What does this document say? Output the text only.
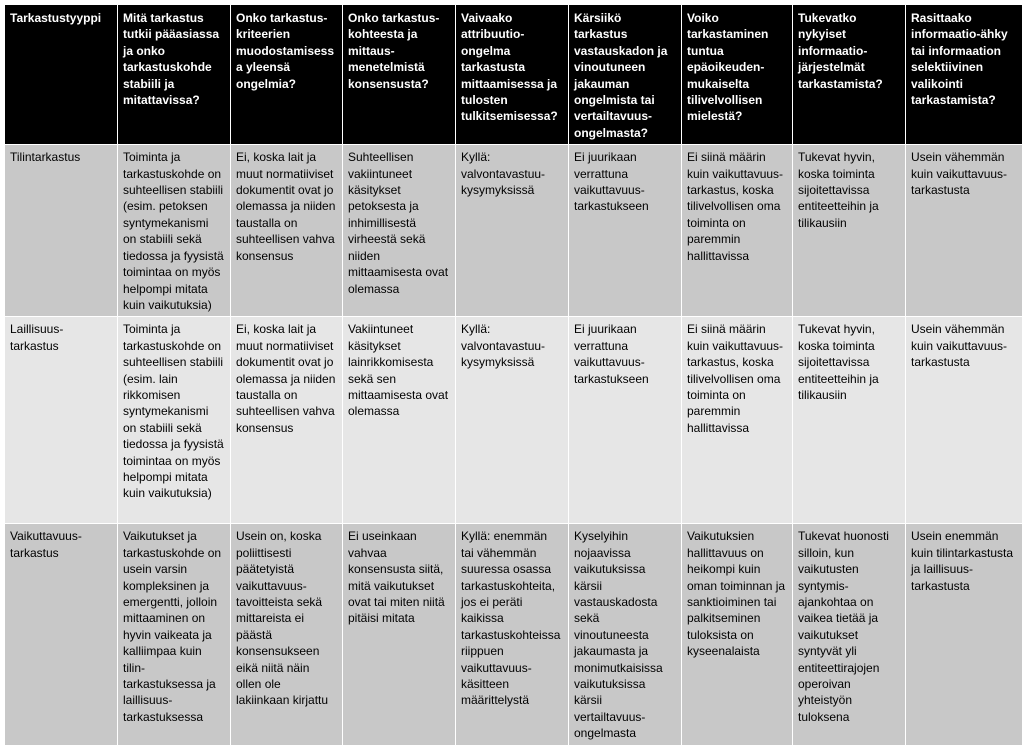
Tarkastustyyppi	Mitä tarkastus tutkii pääasiassa ja onko tarkastuskohde stabiili ja mitattavissa?	Onko tarkastus-kriteerien muodostamisessa yleensä ongelmia?	Onko tarkastus-kohteesta ja mittaus-menetelmistä konsensusta?	Vaivaako attribuutio-ongelma tarkastusta mittaamisessa ja tulosten tulkitsemisessa?	Kärsiikö tarkastus vastauskadon ja vinoutuneen jakauman ongelmista tai vertailtavuus-ongelmasta?	Voiko tarkastaminen tuntua epäoikeuden-mukaiselta tilivelvollisen mielestä?	Tukevatko nykyiset informaatio-järjestelmät tarkastamista?	Rasittaako informaatio-ähky tai informaation selektiivinen valikointi tarkastamista?
Tilintarkastus	Toiminta ja tarkastuskohde on suhteellisen stabiili (esim. petoksen syntymekanismi on stabiili sekä tiedossa ja fyysistä toimintaa on myös helpompi mitata kuin vaikutuksia)	Ei, koska lait ja muut normatiiviset dokumentit ovat jo olemassa ja niiden taustalla on suhteellisen vahva konsensus	Suhteellisen vakiintuneet käsitykset petoksesta ja inhimillisestä virheestä sekä niiden mittaamisesta ovat olemassa	Kyllä: valvontavastuu-kysymyksissä	Ei juurikaan verrattuna vaikuttavuus-tarkastukseen	Ei siinä määrin kuin vaikuttavuus-tarkastus, koska tilivelvollisen oma toiminta on paremmin hallittavissa	Tukevat hyvin, koska toiminta sijoitettavissa entiteetteihin ja tilikausiin	Usein vähemmän kuin vaikuttavuus-tarkastusta
Laillisuus-tarkastus	Toiminta ja tarkastuskohde on suhteellisen stabiili (esim. lain rikkomisen syntymekanismi on stabiili sekä tiedossa ja fyysistä toimintaa on myös helpompi mitata kuin vaikutuksia)	Ei, koska lait ja muut normatiiviset dokumentit ovat jo olemassa ja niiden taustalla on suhteellisen vahva konsensus	Vakiintuneet käsitykset lainrikkomisesta sekä sen mittaamisesta ovat olemassa	Kyllä: valvontavastuu-kysymyksissä	Ei juurikaan verrattuna vaikuttavuus-tarkastukseen	Ei siinä määrin kuin vaikuttavuus-tarkastus, koska tilivelvollisen oma toiminta on paremmin hallittavissa	Tukevat hyvin, koska toiminta sijoitettavissa entiteetteihin ja tilikausiin	Usein vähemmän kuin vaikuttavuus-tarkastusta
Vaikuttavuus-tarkastus	Vaikutukset ja tarkastuskohde on usein varsin kompleksinen ja emergentti, jolloin mittaaminen on hyvin vaikeata ja kalliimpaa kuin tilin-tarkastuksessa ja laillisuus-tarkastuksessa	Usein on, koska poliittisesti päätetyistä vaikuttavuus-tavoitteista sekä mittareista ei päästä konsensukseen eikä niitä näin ollen ole lakiinkaan kirjattu	Ei useinkaan vahvaa konsensusta siitä, mitä vaikutukset ovat tai miten niitä pitäisi mitata	Kyllä: enemmän tai vähemmän suuressa osassa tarkastuskohteita, jos ei peräti kaikissa tarkastuskohteissa riippuen vaikuttavuus-käsitteen määrittelystä	Kyselyihin nojaavissa vaikutuksissa kärsii vastauskadosta sekä vinoutuneesta jakaumasta ja monimutkaisissa vaikutuksissa kärsii vertailtavuus-ongelmasta	Vaikutuksien hallittavuus on heikompi kuin oman toiminnan ja sanktioiminen tai palkitseminen tuloksista on kyseenalaista	Tukevat huonosti silloin, kun vaikutusten syntymis-ajankohtaa on vaikea tietää ja vaikutukset syntyvät yli entiteettirajojen operoivan yhteistyön tuloksena	Usein enemmän kuin tilintarkastusta ja laillisuus-tarkastusta
